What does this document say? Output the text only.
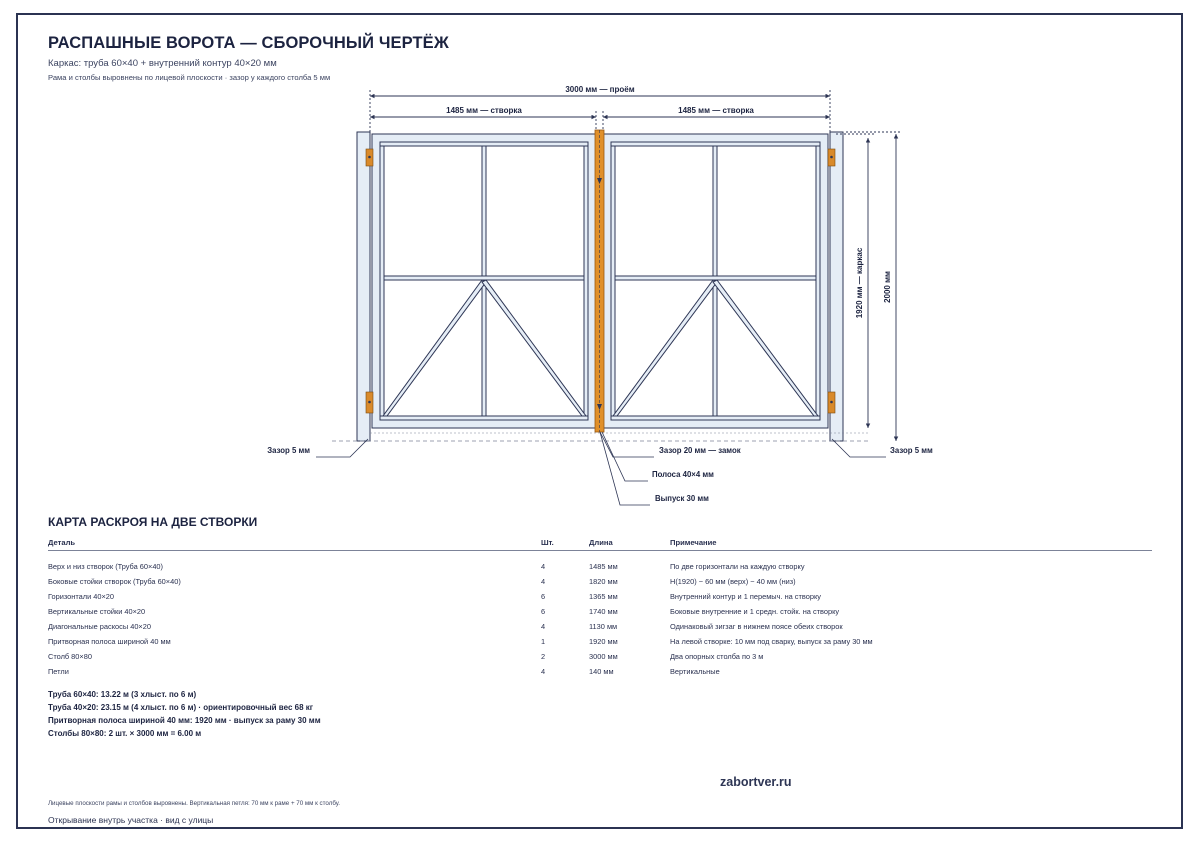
РАСПАШНЫЕ ВОРОТА — СБОРОЧНЫЙ ЧЕРТЁЖ
Каркас: труба 60×40 + внутренний контур 40×20 мм
Рама и столбы выровнены по лицевой плоскости · зазор у каждого столба 5 мм
3000 мм — проём
1485 мм — створка	1485 мм — створка
1920 мм — каркас 2000 мм
Зазор 5 мм	Зазор 5 мм
Зазор 20 мм — замок
Полоса 40×4 мм
Выпуск 30 мм
КАРТА РАСКРОЯ НА ДВЕ СТВОРКИ
Деталь	Шт.	Длина	Примечание

Верх и низ створок (Труба 60×40)	4	1485 мм	По две горизонтали на каждую створку
Боковые стойки створок (Труба 60×40)	4	1820 мм	H(1920) − 60 мм (верх) − 40 мм (низ)
Горизонтали 40×20	6	1365 мм	Внутренний контур и 1 перемыч. на створку
Вертикальные стойки 40×20	6	1740 мм	Боковые внутренние и 1 средн. стойк. на створку
Диагональные раскосы 40×20	4	1130 мм	Одинаковый зигзаг в нижнем поясе обеих створок
Притворная полоса шириной 40 мм	1	1920 мм	На левой створке: 10 мм под сварку, выпуск за раму 30 мм
Столб 80×80	2	3000 мм	Два опорных столба по 3 м
Петли	4	140 мм	Вертикальные
Труба 60×40: 13.22 м (3 хлыст. по 6 м)
Труба 40×20: 23.15 м (4 хлыст. по 6 м) · ориентировочный вес 68 кг
Притворная полоса шириной 40 мм: 1920 мм · выпуск за раму 30 мм
Столбы 80×80: 2 шт. × 3000 мм = 6.00 м
zabortver.ru
Лицевые плоскости рамы и столбов выровнены. Вертикальная петля: 70 мм к раме + 70 мм к столбу.
Открывание внутрь участка · вид с улицы
